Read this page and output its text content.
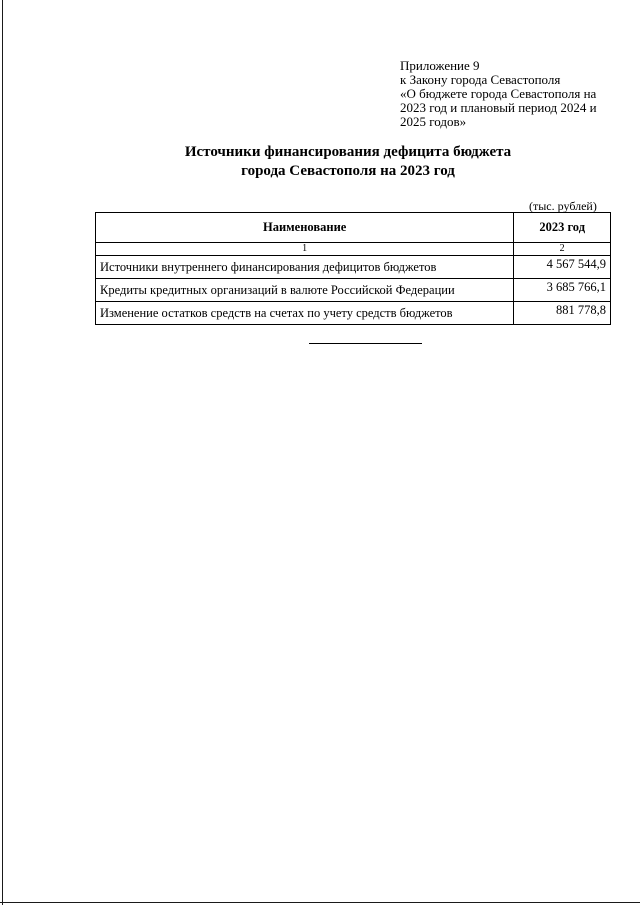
Приложение 9
к Закону города Севастополя
«О бюджете города Севастополя на
2023 год и плановый период 2024 и
2025 годов»
Источники финансирования дефицита бюджета
города Севастополя на 2023 год
(тыс. рублей)
Наименование	2023 год
1	2
Источники внутреннего финансирования дефицитов бюджетов	4 567 544,9
Кредиты кредитных организаций в валюте Российской Федерации	3 685 766,1
Изменение остатков средств на счетах по учету средств бюджетов	881 778,8
